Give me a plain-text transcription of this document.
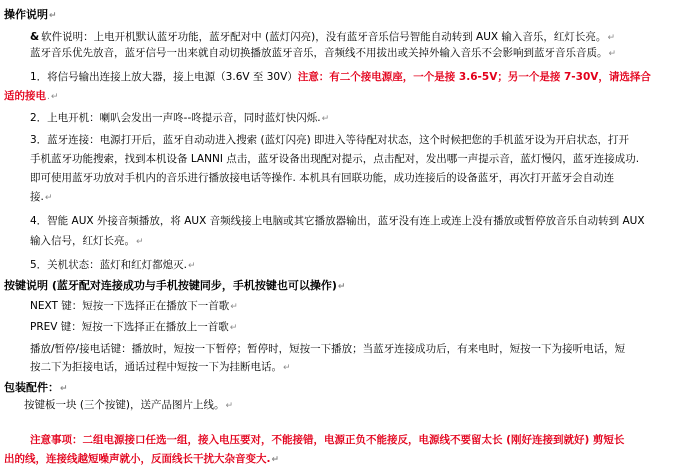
操作说明↵
& 软件说明：上电开机默认蓝牙功能，蓝牙配对中 (蓝灯闪亮)，没有蓝牙音乐信号智能自动转到 AUX 输入音乐，红灯长亮。↵
蓝牙音乐优先放音，蓝牙信号一出来就自动切换播放蓝牙音乐，音频线不用拔出或关掉外输入音乐不会影响到蓝牙音乐音质。↵
1．将信号输出连接上放大器，接上电源（3.6V 至 30V）注意：有二个接电源座，一个是接 3.6-5V；另一个是接 7-30V，请选择合
适的接电.↵
2．上电开机：喇叭会发出一声咚--咚提示音，同时蓝灯快闪烁.↵
3．蓝牙连接：电源打开后，蓝牙自动动进入搜索 (蓝灯闪亮) 即进入等待配对状态，这个时候把您的手机蓝牙设为开启状态，打开
手机蓝牙功能搜索，找到本机设备 LANNI 点击，蓝牙设备出现配对提示，点击配对，发出哪一声提示音，蓝灯慢闪，蓝牙连接成功.
即可使用蓝牙功放对手机内的音乐进行播放接电话等操作. 本机具有回联功能，成功连接后的设备蓝牙，再次打开蓝牙会自动连
接.↵
4．智能 AUX 外接音频播放，将 AUX 音频线接上电脑或其它播放器输出，蓝牙没有连上或连上没有播放或暂停放音乐自动转到 AUX
输入信号，红灯长亮。↵
5．关机状态：蓝灯和红灯都熄灭.↵
按键说明 (蓝牙配对连接成功与手机按键同步，手机按键也可以操作)↵
NEXT 键：短按一下选择正在播放下一首歌↵
PREV 键：短按一下选择正在播放上一首歌↵
播放/暂停/接电话键：播放时，短按一下暂停；暂停时，短按一下播放；当蓝牙连接成功后，有来电时，短按一下为接听电话，短
按二下为拒接电话，通话过程中短按一下为挂断电话。↵
包装配件：↵
按键板一块 (三个按键)，送产品图片上线。↵
注意事项：二组电源接口任选一组，接入电压要对，不能接错，电源正负不能接反，电源线不要留太长 (刚好连接到就好) 剪短长
出的线，连接线越短噪声就小，反面线长干扰大杂音变大.↵
